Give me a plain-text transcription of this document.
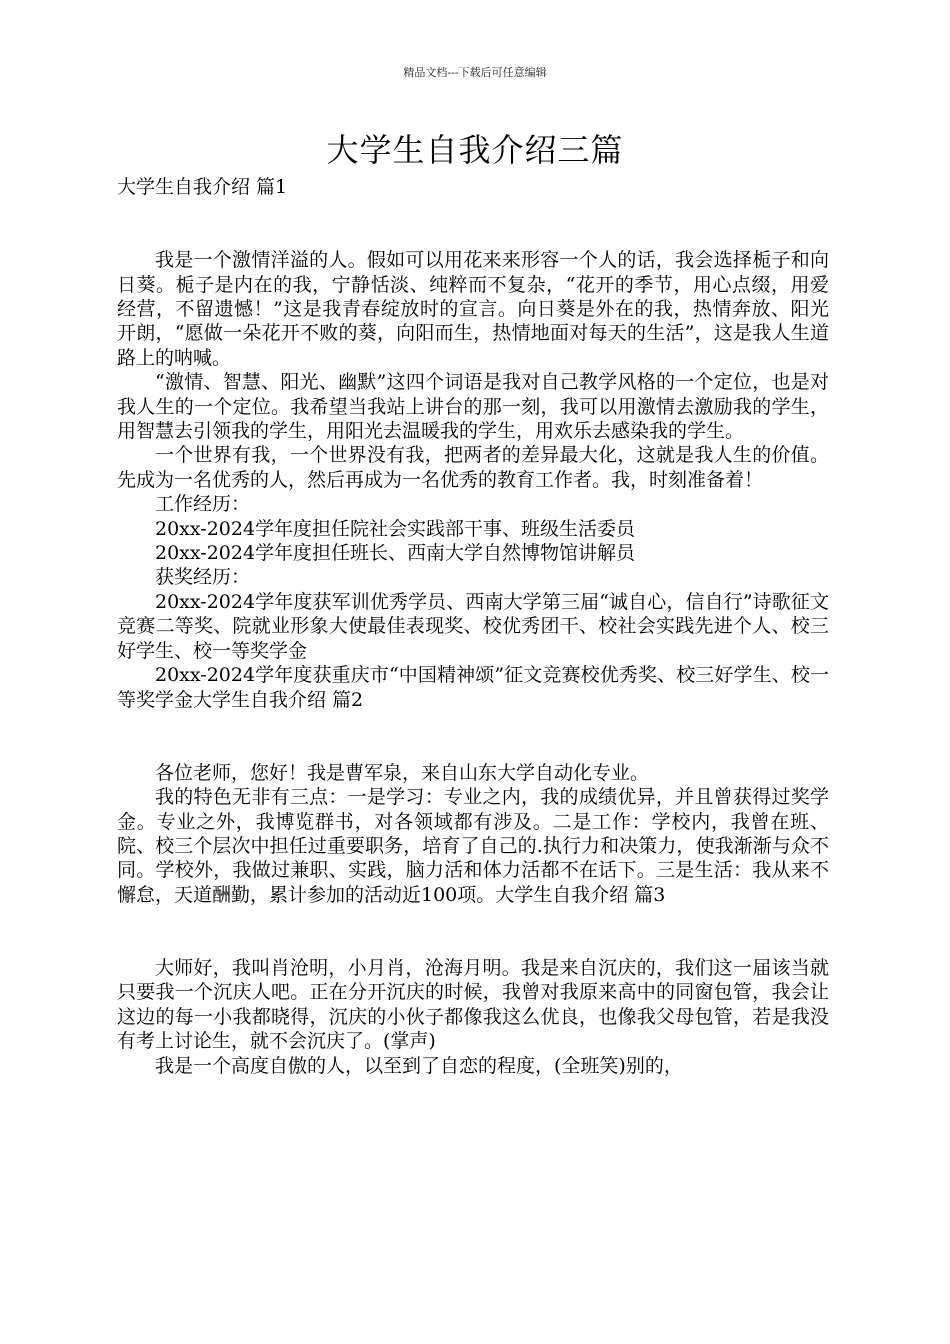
精品文档---下载后可任意编辑
大学生自我介绍三篇

大学生自我介绍 篇1

我是一个激情洋溢的人。假如可以用花来来形容一个人的话，我会选择栀子和向日葵。栀子是内在的我，宁静恬淡、纯粹而不复杂，“花开的季节，用心点缀，用爱经营，不留遗憾！”这是我青春绽放时的宣言。向日葵是外在的我，热情奔放、阳光开朗，“愿做一朵花开不败的葵，向阳而生，热情地面对每天的生活”，这是我人生道路上的呐喊。

“激情、智慧、阳光、幽默”这四个词语是我对自己教学风格的一个定位，也是对我人生的一个定位。我希望当我站上讲台的那一刻，我可以用激情去激励我的学生，用智慧去引领我的学生，用阳光去温暖我的学生，用欢乐去感染我的学生。

一个世界有我，一个世界没有我，把两者的差异最大化，这就是我人生的价值。先成为一名优秀的人，然后再成为一名优秀的教育工作者。我，时刻准备着！

工作经历：

20xx-2024学年度担任院社会实践部干事、班级生活委员

20xx-2024学年度担任班长、西南大学自然博物馆讲解员

获奖经历：

20xx-2024学年度获军训优秀学员、西南大学第三届“诚自心，信自行”诗歌征文竞赛二等奖、院就业形象大使最佳表现奖、校优秀团干、校社会实践先进个人、校三好学生、校一等奖学金

20xx-2024学年度获重庆市“中国精神颂”征文竞赛校优秀奖、校三好学生、校一等奖学金大学生自我介绍 篇2

各位老师，您好！我是曹军泉，来自山东大学自动化专业。

我的特色无非有三点：一是学习：专业之内，我的成绩优异，并且曾获得过奖学金。专业之外，我博览群书，对各领域都有涉及。二是工作：学校内，我曾在班、院、校三个层次中担任过重要职务，培育了自己的.执行力和决策力，使我渐渐与众不同。学校外，我做过兼职、实践，脑力活和体力活都不在话下。三是生活：我从来不懈怠，天道酬勤，累计参加的活动近100项。大学生自我介绍 篇3

大师好，我叫肖沧明，小月肖，沧海月明。我是来自沉庆的，我们这一届该当就只要我一个沉庆人吧。正在分开沉庆的时候，我曾对我原来高中的同窗包管，我会让这边的每一小我都晓得，沉庆的小伙子都像我这么优良，也像我父母包管，若是我没有考上讨论生，就不会沉庆了。(掌声)

我是一个高度自傲的人，以至到了自恋的程度，(全班笑)别的，
